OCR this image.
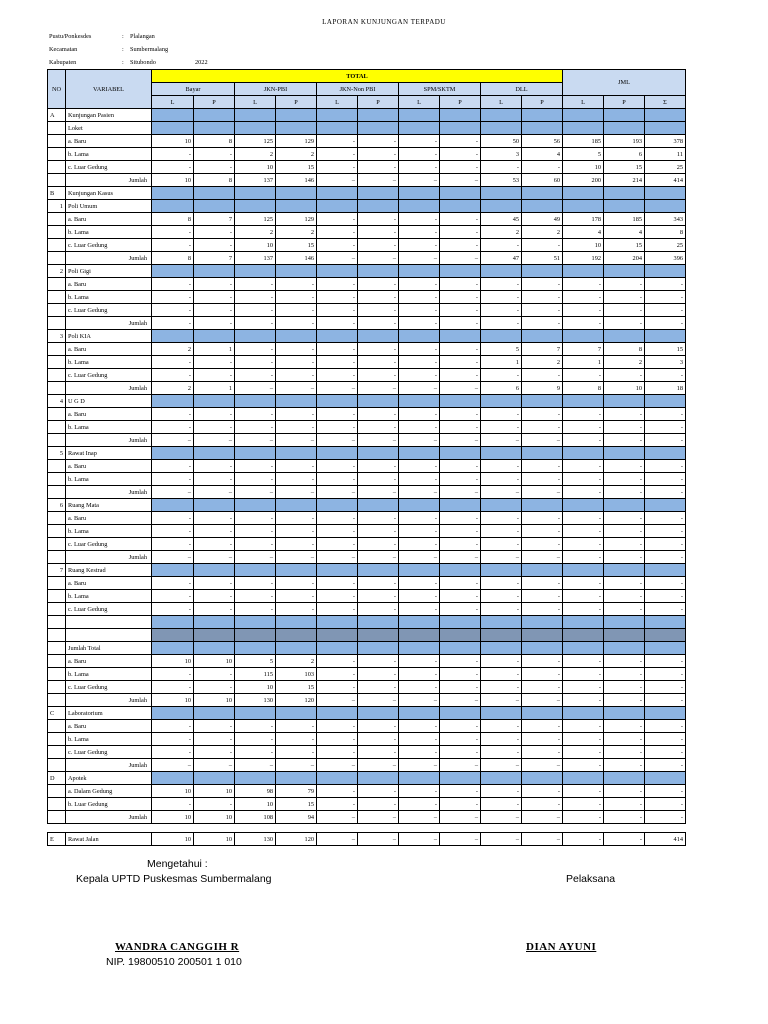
LAPORAN KUNJUNGAN TERPADU
Pustu/Ponkesdes	: Plalangan
Kecamatan	: Sumbermalang
Kabupaten	: Situbondo	2022
NO	VARIABEL	TOTAL										JML		
		Bayar		JKN-PBI		JKN-Non PBI		SPM/SKTM		DLL				
		L	P	L	P	L	P	L	P	L	P	L	P	Σ
A	Kunjungan Pasien													
	Loket													
	a. Baru	10	8	125	129	-	-	-	-	50	56	185	193	378
	b. Lama	-	-	2	2	-	-	-	-	3	4	5	6	11
	c. Luar Gedung	-	-	10	15	-	-	-	-	-	-	10	15	25
	Jumlah	10	8	137	146	–	–	–	–	53	60	200	214	414
B	Kunjungan Kasus													
1	Poli Umum													
	a. Baru	8	7	125	129	-	-	-	-	45	49	178	185	343
	b. Lama	-	-	2	2	-	-	-	-	2	2	4	4	8
	c. Luar Gedung	-	-	10	15	-	-	-	-	-	-	10	15	25
	Jumlah	8	7	137	146	–	–	–	–	47	51	192	204	396
2	Poli Gigi													
	a. Baru	-	-	-	-	-	-	-	-	-	-	-	-	-
	b. Lama	-	-	-	-	-	-	-	-	-	-	-	-	-
	c. Luar Gedung	-	-	-	-	-	-	-	-	-	-	-	-	-
	Jumlah	-	-	-	-	-	-	-	-	-	-	-	-	-
3	Poli KIA													
	a. Baru	2	1	-	-	-	-	-	-	5	7	7	8	15
	b. Lama	-	-	-	-	-	-	-	-	1	2	1	2	3
	c. Luar Gedung	-	-	-	-	-	-	-	-	-	-	-	-	-
	Jumlah	2	1	–	–	–	–	–	–	6	9	8	10	18
4	U G D													
	a. Baru	-	-	-	-	-	-	-	-	-	-	-	-	-
	b. Lama	-	-	-	-	-	-	-	-	-	-	-	-	-
	Jumlah	–	–	–	–	–	–	–	–	–	–	-	-	-
5	Rawat Inap													
	a. Baru	-	-	-	-	-	-	-	-	-	-	-	-	-
	b. Lama	-	-	-	-	-	-	-	-	-	-	-	-	-
	Jumlah	–	–	–	–	–	–	–	–	–	–	-	-	-
6	Ruang Mata													
	a. Baru	-	-	-	-	-	-	-	-	-	-	-	-	-
	b. Lama	-	-	-	-	-	-	-	-	-	-	-	-	-
	c. Luar Gedung	-	-	-	-	-	-	-	-	-	-	-	-	-
	Jumlah	–	–	–	–	–	–	–	–	–	–	-	-	-
7	Ruang Kestrad													
	a. Baru	-	-	-	-	-	-	-	-	-	-	-	-	-
	b. Lama	-	-	-	-	-	-	-	-	-	-	-	-	-
	c. Luar Gedung	-	-	-	-	-	-	-	-	-	-	-	-	-

	Jumlah Total													
	a. Baru	10	10	5	2	-	-	-	-	-	-	-	-	-
	b. Lama	-	-	115	103	-	-	-	-	-	-	-	-	-
	c. Luar Gedung	-	-	10	15	-	-	-	-	-	-	-	-	-
	Jumlah	10	10	130	120	–	–	–	–	–	–	-	-	-
C	Laboratorium													
	a. Baru	-	-	-	-	-	-	-	-	-	-	-	-	-
	b. Lama	-	-	-	-	-	-	-	-	-	-	-	-	-
	c. Luar Gedung	-	-	-	-	-	-	-	-	-	-	-	-	-
	Jumlah	–	–	–	–	–	–	–	–	–	–	-	-	-
D	Apotek													
	a. Dalam Gedung	10	10	98	79	-	-	-	-	-	-	-	-	-
	b. Luar Gedung	-	-	10	15	-	-	-	-	-	-	-	-	-
	Jumlah	10	10	108	94	–	–	–	–	–	–	-	-	-

E	Rawat Jalan	10	10	130	120	–	–	–	–	–	–	-	-	414
Mengetahui :
Kepala UPTD Puskesmas Sumbermalang	Pelaksana
WANDRA CANGGIH R
NIP. 19800510 200501 1 010
DIAN AYUNI
